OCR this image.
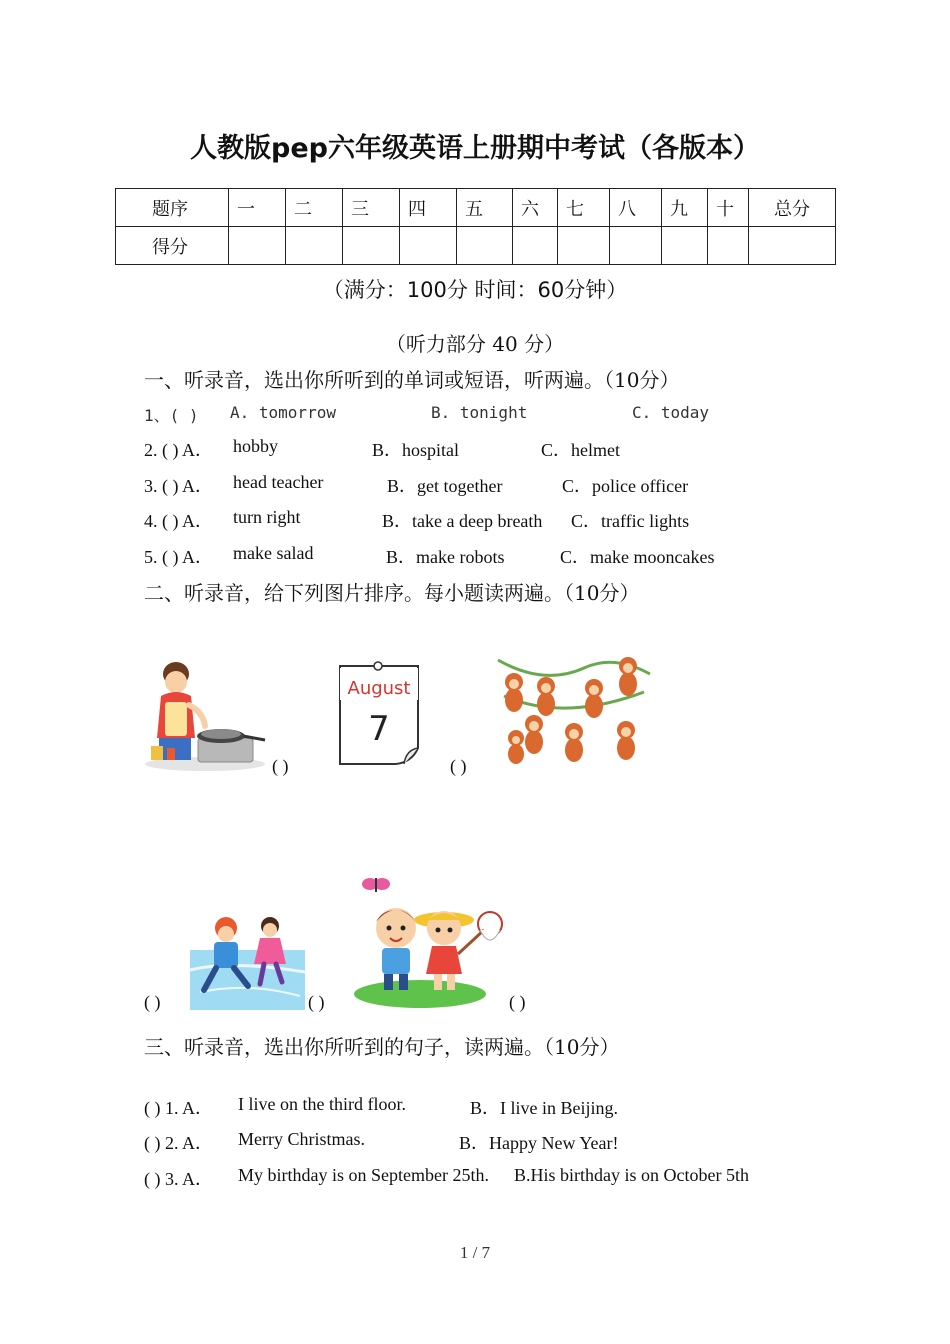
人教版pep六年级英语上册期中考试（各版本）
题序	一	二	三	四	五	六	七	八	九	十	总分
得分											
（满分：100分 时间：60分钟）
（听力部分 40 分）
一、听录音，选出你所听到的单词或短语，听两遍。（10分）
1、( ) A. tomorrow	B. tonight	C. today
2. ( ) A． hobby	B．hospital	C．helmet
3. ( ) A． head teacher	B．get together	C．police officer
4. ( ) A． turn right	B．take a deep breath C．traffic lights
5. ( ) A． make salad	B．make robots	C．make mooncakes
二、听录音，给下列图片排序。每小题读两遍。（10分）
( )
August
7
( )
( )	( )	( )
三、听录音，选出你所听到的句子，读两遍。（10分）
( ) 1. A． I live on the third floor.	B．I live in Beijing.
( ) 2. A． Merry Christmas.	B．Happy New Year!
( ) 3. A． My birthday is on September 25th. B.His birthday is on October 5th
1 / 7
